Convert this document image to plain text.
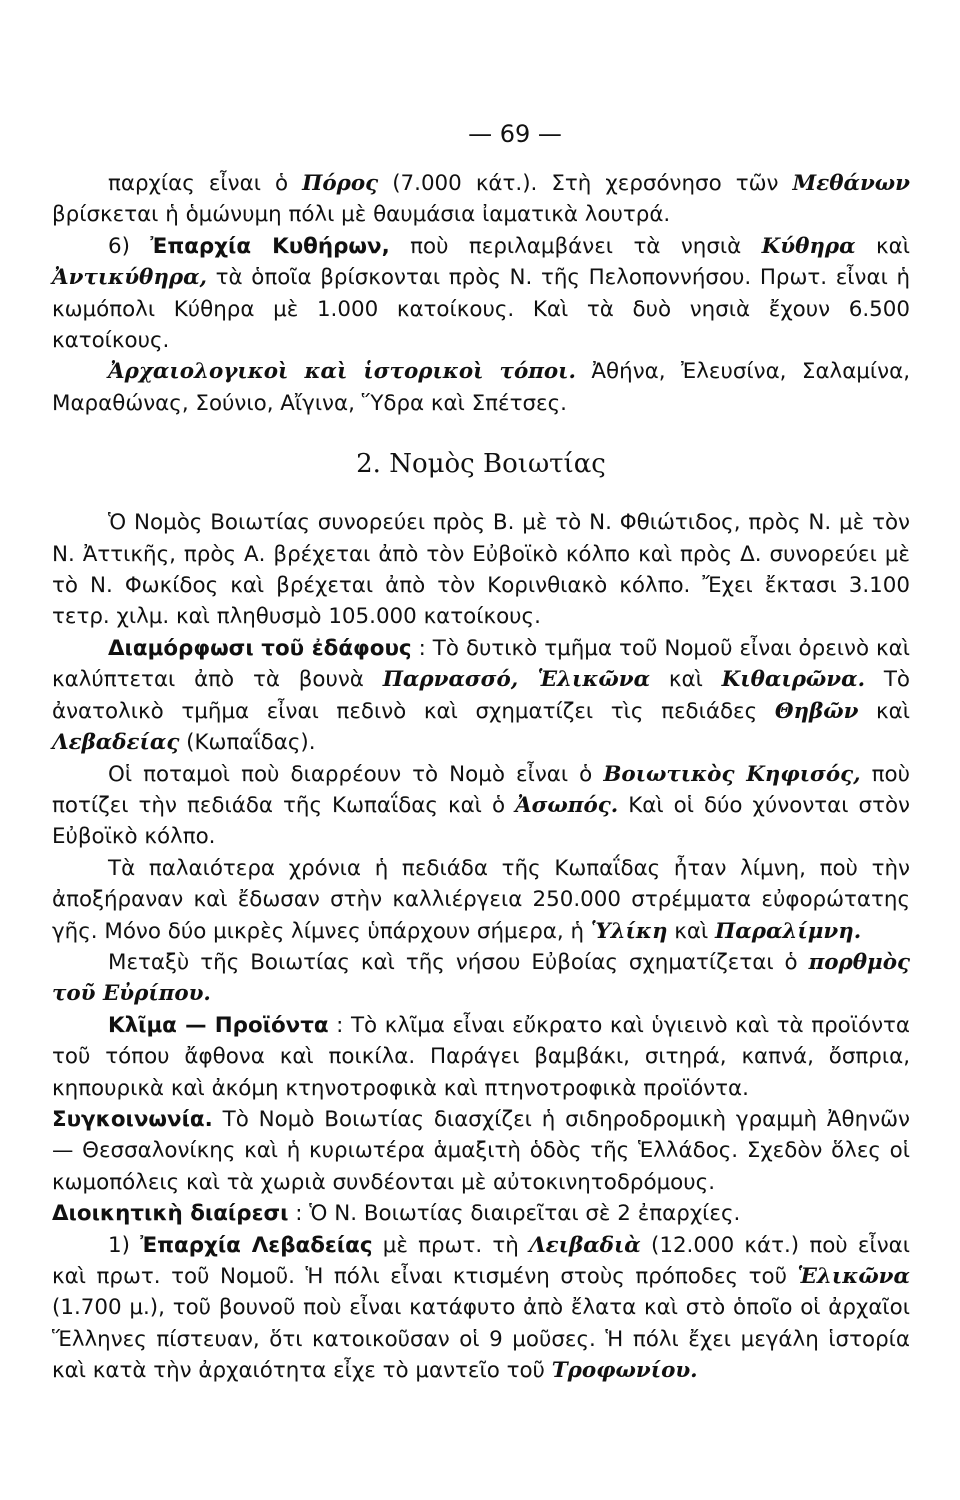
— 69 —

παρχίας εἶναι ὁ Πόρος (7.000 κάτ.). Στὴ χερσόνησο τῶν Μεθάνων βρίσκεται ἡ ὁμώνυμη πόλι μὲ θαυμάσια ἰαματικὰ λουτρά.

6) Ἐπαρχία Κυθήρων, ποὺ περιλαμβάνει τὰ νησιὰ Κύθηρα καὶ Ἀντικύθηρα, τὰ ὁποῖα βρίσκονται πρὸς Ν. τῆς Πελοποννήσου. Πρωτ. εἶναι ἡ κωμόπολι Κύθηρα μὲ 1.000 κατοίκους. Καὶ τὰ δυὸ νησιὰ ἔχουν 6.500 κατοίκους.

Ἀρχαιολογικοὶ καὶ ἱστορικοὶ τόποι. Ἀθήνα, Ἐλευσίνα, Σαλαμίνα, Μαραθώνας, Σούνιο, Αἴγινα, Ὕδρα καὶ Σπέτσες.

2. Νομὸς Βοιωτίας

Ὁ Νομὸς Βοιωτίας συνορεύει πρὸς Β. μὲ τὸ Ν. Φθιώτιδος, πρὸς Ν. μὲ τὸν Ν. Ἀττικῆς, πρὸς Α. βρέχεται ἀπὸ τὸν Εὐβοϊκὸ κόλπο καὶ πρὸς Δ. συνορεύει μὲ τὸ Ν. Φωκίδος καὶ βρέχεται ἀπὸ τὸν Κορινθιακὸ κόλπο. Ἔχει ἔκτασι 3.100 τετρ. χιλμ. καὶ πληθυσμὸ 105.000 κατοίκους.

Διαμόρφωσι τοῦ ἐδάφους : Τὸ δυτικὸ τμῆμα τοῦ Νομοῦ εἶναι ὀρεινὸ καὶ καλύπτεται ἀπὸ τὰ βουνὰ Παρνασσό, Ἑλικῶνα καὶ Κιθαιρῶνα. Τὸ ἀνατολικὸ τμῆμα εἶναι πεδινὸ καὶ σχηματίζει τὶς πεδιάδες Θηβῶν καὶ Λεβαδείας (Κωπαΐδας).

Οἱ ποταμοὶ ποὺ διαρρέουν τὸ Νομὸ εἶναι ὁ Βοιωτικὸς Κηφισός, ποὺ ποτίζει τὴν πεδιάδα τῆς Κωπαΐδας καὶ ὁ Ἀσωπός. Καὶ οἱ δύο χύνονται στὸν Εὐβοϊκὸ κόλπο.

Τὰ παλαιότερα χρόνια ἡ πεδιάδα τῆς Κωπαΐδας ἦταν λίμνη, ποὺ τὴν ἀποξήραναν καὶ ἔδωσαν στὴν καλλιέργεια 250.000 στρέμματα εὐφορώτατης γῆς. Μόνο δύο μικρὲς λίμνες ὑπάρχουν σήμερα, ἡ Ὑλίκη καὶ Παραλίμνη.

Μεταξὺ τῆς Βοιωτίας καὶ τῆς νήσου Εὐβοίας σχηματίζεται ὁ πορθμὸς τοῦ Εὐρίπου.

Κλῖμα — Προϊόντα : Τὸ κλῖμα εἶναι εὔκρατο καὶ ὑγιεινὸ καὶ τὰ προϊόντα τοῦ τόπου ἄφθονα καὶ ποικίλα. Παράγει βαμβάκι, σιτηρά, καπνά, ὄσπρια, κηπουρικὰ καὶ ἀκόμη κτηνοτροφικὰ καὶ πτηνοτροφικὰ προϊόντα.

Συγκοινωνία. Τὸ Νομὸ Βοιωτίας διασχίζει ἡ σιδηροδρομικὴ γραμμὴ Ἀθηνῶν — Θεσσαλονίκης καὶ ἡ κυριωτέρα ἁμαξιτὴ ὁδὸς τῆς Ἑλλάδος. Σχεδὸν ὅλες οἱ κωμοπόλεις καὶ τὰ χωριὰ συνδέονται μὲ αὐτοκινητοδρόμους.

Διοικητικὴ διαίρεσι : Ὁ Ν. Βοιωτίας διαιρεῖται σὲ 2 ἐπαρχίες.

1) Ἐπαρχία Λεβαδείας μὲ πρωτ. τὴ Λειβαδιὰ (12.000 κάτ.) ποὺ εἶναι καὶ πρωτ. τοῦ Νομοῦ. Ἡ πόλι εἶναι κτισμένη στοὺς πρόποδες τοῦ Ἑλικῶνα (1.700 μ.), τοῦ βουνοῦ ποὺ εἶναι κατάφυτο ἀπὸ ἔλατα καὶ στὸ ὁποῖο οἱ ἀρχαῖοι Ἕλληνες πίστευαν, ὅτι κατοικοῦσαν οἱ 9 μοῦσες. Ἡ πόλι ἔχει μεγάλη ἱστορία καὶ κατὰ τὴν ἀρχαιότητα εἶχε τὸ μαντεῖο τοῦ Τροφωνίου.
